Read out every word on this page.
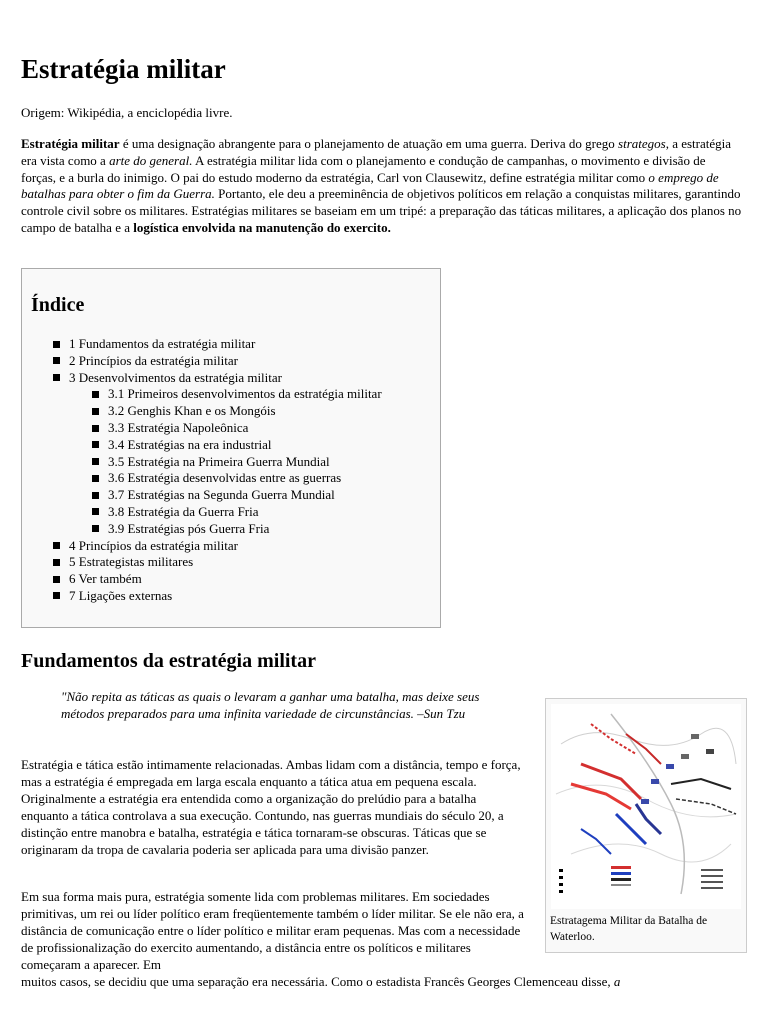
Estratégia militar
Origem: Wikipédia, a enciclopédia livre.

Estratégia militar é uma designação abrangente para o planejamento de atuação em uma guerra. Deriva do grego strategos, a estratégia era vista como a arte do general. A estratégia militar lida com o planejamento e condução de campanhas, o movimento e divisão de forças, e a burla do inimigo. O pai do estudo moderno da estratégia, Carl von Clausewitz, define estratégia militar como o emprego de batalhas para obter o fim da Guerra. Portanto, ele deu a preeminência de objetivos políticos em relação a conquistas militares, garantindo controle civil sobre os militares. Estratégias militares se baseiam em um tripé: a preparação das táticas militares, a aplicação dos planos no campo de batalha e a logística envolvida na manutenção do exercito.

Índice
1 Fundamentos da estratégia militar
2 Princípios da estratégia militar
3 Desenvolvimentos da estratégia militar
3.1 Primeiros desenvolvimentos da estratégia militar
3.2 Genghis Khan e os Mongóis
3.3 Estratégia Napoleônica
3.4 Estratégias na era industrial
3.5 Estratégia na Primeira Guerra Mundial
3.6 Estratégia desenvolvidas entre as guerras
3.7 Estratégias na Segunda Guerra Mundial
3.8 Estratégia da Guerra Fria
3.9 Estratégias pós Guerra Fria
4 Princípios da estratégia militar
5 Estrategistas militares
6 Ver também
7 Ligações externas
Fundamentos da estratégia militar

"Não repita as táticas as quais o levaram a ganhar uma batalha, mas deixe seus métodos preparados para uma infinita variedade de circunstâncias. –Sun Tzu

Estratégia e tática estão intimamente relacionadas. Ambas lidam com a distância, tempo e força, mas a estratégia é empregada em larga escala enquanto a tática atua em pequena escala. Originalmente a estratégia era entendida como a organização do prelúdio para a batalha enquanto a tática controlava a sua execução. Contundo, nas guerras mundiais do século 20, a distinção entre manobra e batalha, estratégia e tática tornaram-se obscuras. Táticas que se originaram da tropa de cavalaria poderia ser aplicada para uma divisão panzer.

Em sua forma mais pura, estratégia somente lida com problemas militares. Em sociedades primitivas, um rei ou líder político eram freqüentemente também o líder militar. Se ele não era, a distância de comunicação entre o líder político e militar eram pequenas. Mas com a necessidade de profissionalização do exercito aumentando, a distância entre os políticos e militares começaram a aparecer. Em
muitos casos, se decidiu que uma separação era necessária. Como o estadista Francês Georges Clemenceau disse, a

Estratagema Militar da Batalha de Waterloo.
